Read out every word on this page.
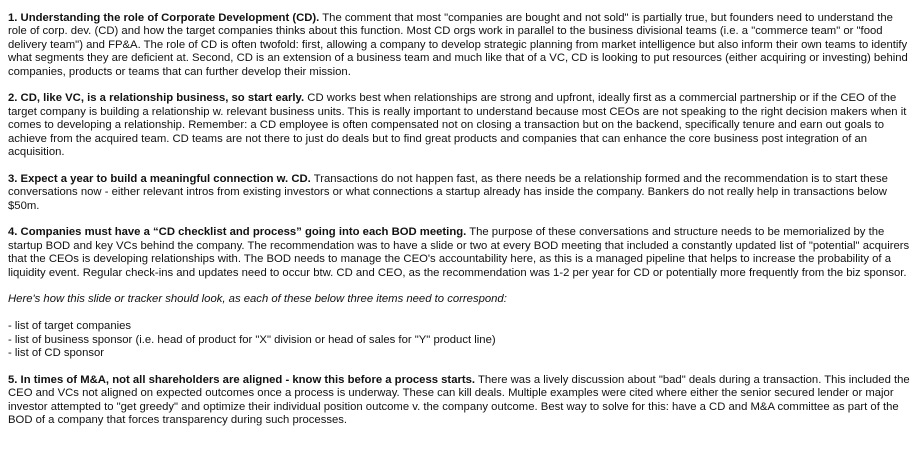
1. Understanding the role of Corporate Development (CD). The comment that most "companies are bought and not sold" is partially true, but founders need to understand the role of corp. dev. (CD) and how the target companies thinks about this function. Most CD orgs work in parallel to the business divisional teams (i.e. a "commerce team" or "food delivery team") and FP&A. The role of CD is often twofold: first, allowing a company to develop strategic planning from market intelligence but also inform their own teams to identify what segments they are deficient at. Second, CD is an extension of a business team and much like that of a VC, CD is looking to put resources (either acquiring or investing) behind companies, products or teams that can further develop their mission.

2. CD, like VC, is a relationship business, so start early. CD works best when relationships are strong and upfront, ideally first as a commercial partnership or if the CEO of the target company is building a relationship w. relevant business units. This is really important to understand because most CEOs are not speaking to the right decision makers when it comes to developing a relationship. Remember: a CD employee is often compensated not on closing a transaction but on the backend, specifically tenure and earn out goals to achieve from the acquired team. CD teams are not there to just do deals but to find great products and companies that can enhance the core business post integration of an acquisition.

3. Expect a year to build a meaningful connection w. CD. Transactions do not happen fast, as there needs be a relationship formed and the recommendation is to start these conversations now - either relevant intros from existing investors or what connections a startup already has inside the company. Bankers do not really help in transactions below $50m.

4. Companies must have a “CD checklist and process” going into each BOD meeting. The purpose of these conversations and structure needs to be memorialized by the startup BOD and key VCs behind the company. The recommendation was to have a slide or two at every BOD meeting that included a constantly updated list of "potential" acquirers that the CEOs is developing relationships with. The BOD needs to manage the CEO's accountability here, as this is a managed pipeline that helps to increase the probability of a liquidity event. Regular check-ins and updates need to occur btw. CD and CEO, as the recommendation was 1-2 per year for CD or potentially more frequently from the biz sponsor.

Here's how this slide or tracker should look, as each of these below three items need to correspond:

- list of target companies
- list of business sponsor (i.e. head of product for "X" division or head of sales for "Y" product line)
- list of CD sponsor

5. In times of M&A, not all shareholders are aligned - know this before a process starts. There was a lively discussion about "bad" deals during a transaction. This included the CEO and VCs not aligned on expected outcomes once a process is underway. These can kill deals. Multiple examples were cited where either the senior secured lender or major investor attempted to "get greedy" and optimize their individual position outcome v. the company outcome. Best way to solve for this: have a CD and M&A committee as part of the BOD of a company that forces transparency during such processes.
